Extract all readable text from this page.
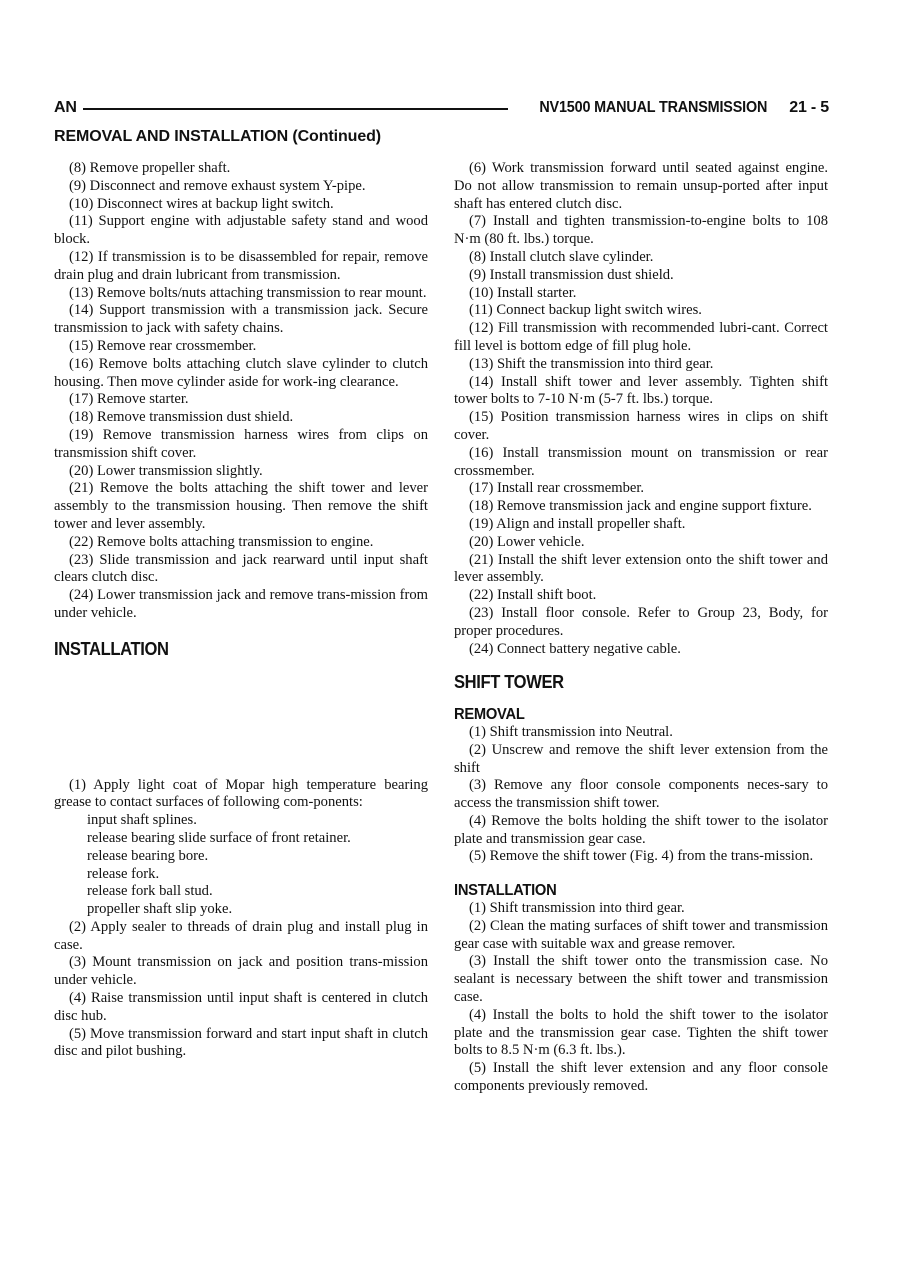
AN	NV1500 MANUAL TRANSMISSION 21 - 5
REMOVAL AND INSTALLATION (Continued)

(8) Remove propeller shaft.

(9) Disconnect and remove exhaust system Y-pipe.

(10) Disconnect wires at backup light switch.

(11) Support engine with adjustable safety stand and wood block.

(12) If transmission is to be disassembled for repair, remove drain plug and drain lubricant from transmission.

(13) Remove bolts/nuts attaching transmission to rear mount.

(14) Support transmission with a transmission jack. Secure transmission to jack with safety chains.

(15) Remove rear crossmember.

(16) Remove bolts attaching clutch slave cylinder to clutch housing. Then move cylinder aside for work-ing clearance.

(17) Remove starter.

(18) Remove transmission dust shield.

(19) Remove transmission harness wires from clips on transmission shift cover.

(20) Lower transmission slightly.

(21) Remove the bolts attaching the shift tower and lever assembly to the transmission housing. Then remove the shift tower and lever assembly.

(22) Remove bolts attaching transmission to engine.

(23) Slide transmission and jack rearward until input shaft clears clutch disc.

(24) Lower transmission jack and remove trans-mission from under vehicle.

INSTALLATION

(1) Apply light coat of Mopar high temperature bearing grease to contact surfaces of following com-ponents:

input shaft splines.

release bearing slide surface of front retainer.

release bearing bore.

release fork.

release fork ball stud.

propeller shaft slip yoke.

(2) Apply sealer to threads of drain plug and install plug in case.

(3) Mount transmission on jack and position trans-mission under vehicle.

(4) Raise transmission until input shaft is centered in clutch disc hub.

(5) Move transmission forward and start input shaft in clutch disc and pilot bushing.

(6) Work transmission forward until seated against engine. Do not allow transmission to remain unsup-ported after input shaft has entered clutch disc.

(7) Install and tighten transmission-to-engine bolts to 108 N·m (80 ft. lbs.) torque.

(8) Install clutch slave cylinder.

(9) Install transmission dust shield.

(10) Install starter.

(11) Connect backup light switch wires.

(12) Fill transmission with recommended lubri-cant. Correct fill level is bottom edge of fill plug hole.

(13) Shift the transmission into third gear.

(14) Install shift tower and lever assembly. Tighten shift tower bolts to 7-10 N·m (5-7 ft. lbs.) torque.

(15) Position transmission harness wires in clips on shift cover.

(16) Install transmission mount on transmission or rear crossmember.

(17) Install rear crossmember.

(18) Remove transmission jack and engine support fixture.

(19) Align and install propeller shaft.

(20) Lower vehicle.

(21) Install the shift lever extension onto the shift tower and lever assembly.

(22) Install shift boot.

(23) Install floor console. Refer to Group 23, Body, for proper procedures.

(24) Connect battery negative cable.

SHIFT TOWER
REMOVAL

(1) Shift transmission into Neutral.

(2) Unscrew and remove the shift lever extension from the shift

(3) Remove any floor console components neces-sary to access the transmission shift tower.

(4) Remove the bolts holding the shift tower to the isolator plate and transmission gear case.

(5) Remove the shift tower (Fig. 4) from the trans-mission.

INSTALLATION

(1) Shift transmission into third gear.

(2) Clean the mating surfaces of shift tower and transmission gear case with suitable wax and grease remover.

(3) Install the shift tower onto the transmission case. No sealant is necessary between the shift tower and transmission case.

(4) Install the bolts to hold the shift tower to the isolator plate and the transmission gear case. Tighten the shift tower bolts to 8.5 N·m (6.3 ft. lbs.).

(5) Install the shift lever extension and any floor console components previously removed.
